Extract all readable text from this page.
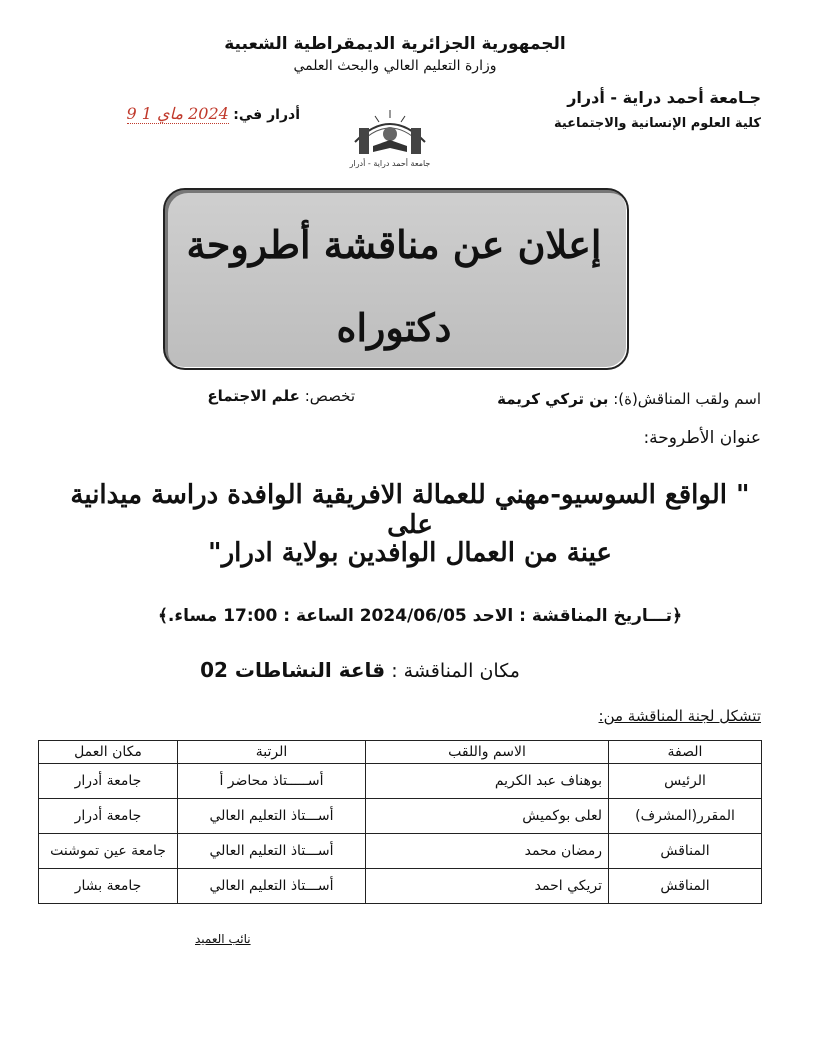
الجمهورية الجزائرية الديمقراطية الشعبية
وزارة التعليم العالي والبحث العلمي
جـامعة أحمد دراية - أدرار
كلية العلوم الإنسانية والاجتماعية
أدرار في: 2024 ماي 1 9
جامعة أحمد دراية - أدرار
إعلان عن مناقشة أطروحة
دكتوراه
اسم ولقب المناقش(ة): بن تركي كريمة
تخصص: علم الاجتماع
عنوان الأطروحة:
" الواقع السوسيو-مهني للعمالة الافريقية الوافدة دراسة ميدانية على
عينة من العمال الوافدين بولاية ادرار"
﴿تـــاريخ المناقشة : الاحد 2024/06/05 الساعة : 17:00 مساء.﴾
مكان المناقشة : قاعة النشاطات 02
تتشكل لجنة المناقشة من:
الصفة	الاسم واللقب	الرتبة	مكان العمل
الرئيس	بوهناف عبد الكريم	أســـــتاذ محاضر أ	جامعة أدرار
المقرر(المشرف)	لعلى بوكميش	أســـتاذ التعليم العالي	جامعة أدرار
المناقش	رمضان محمد	أســـتاذ التعليم العالي	جامعة عين تموشنت
المناقش	تريكي احمد	أســـتاذ التعليم العالي	جامعة بشار
نائب العميد
